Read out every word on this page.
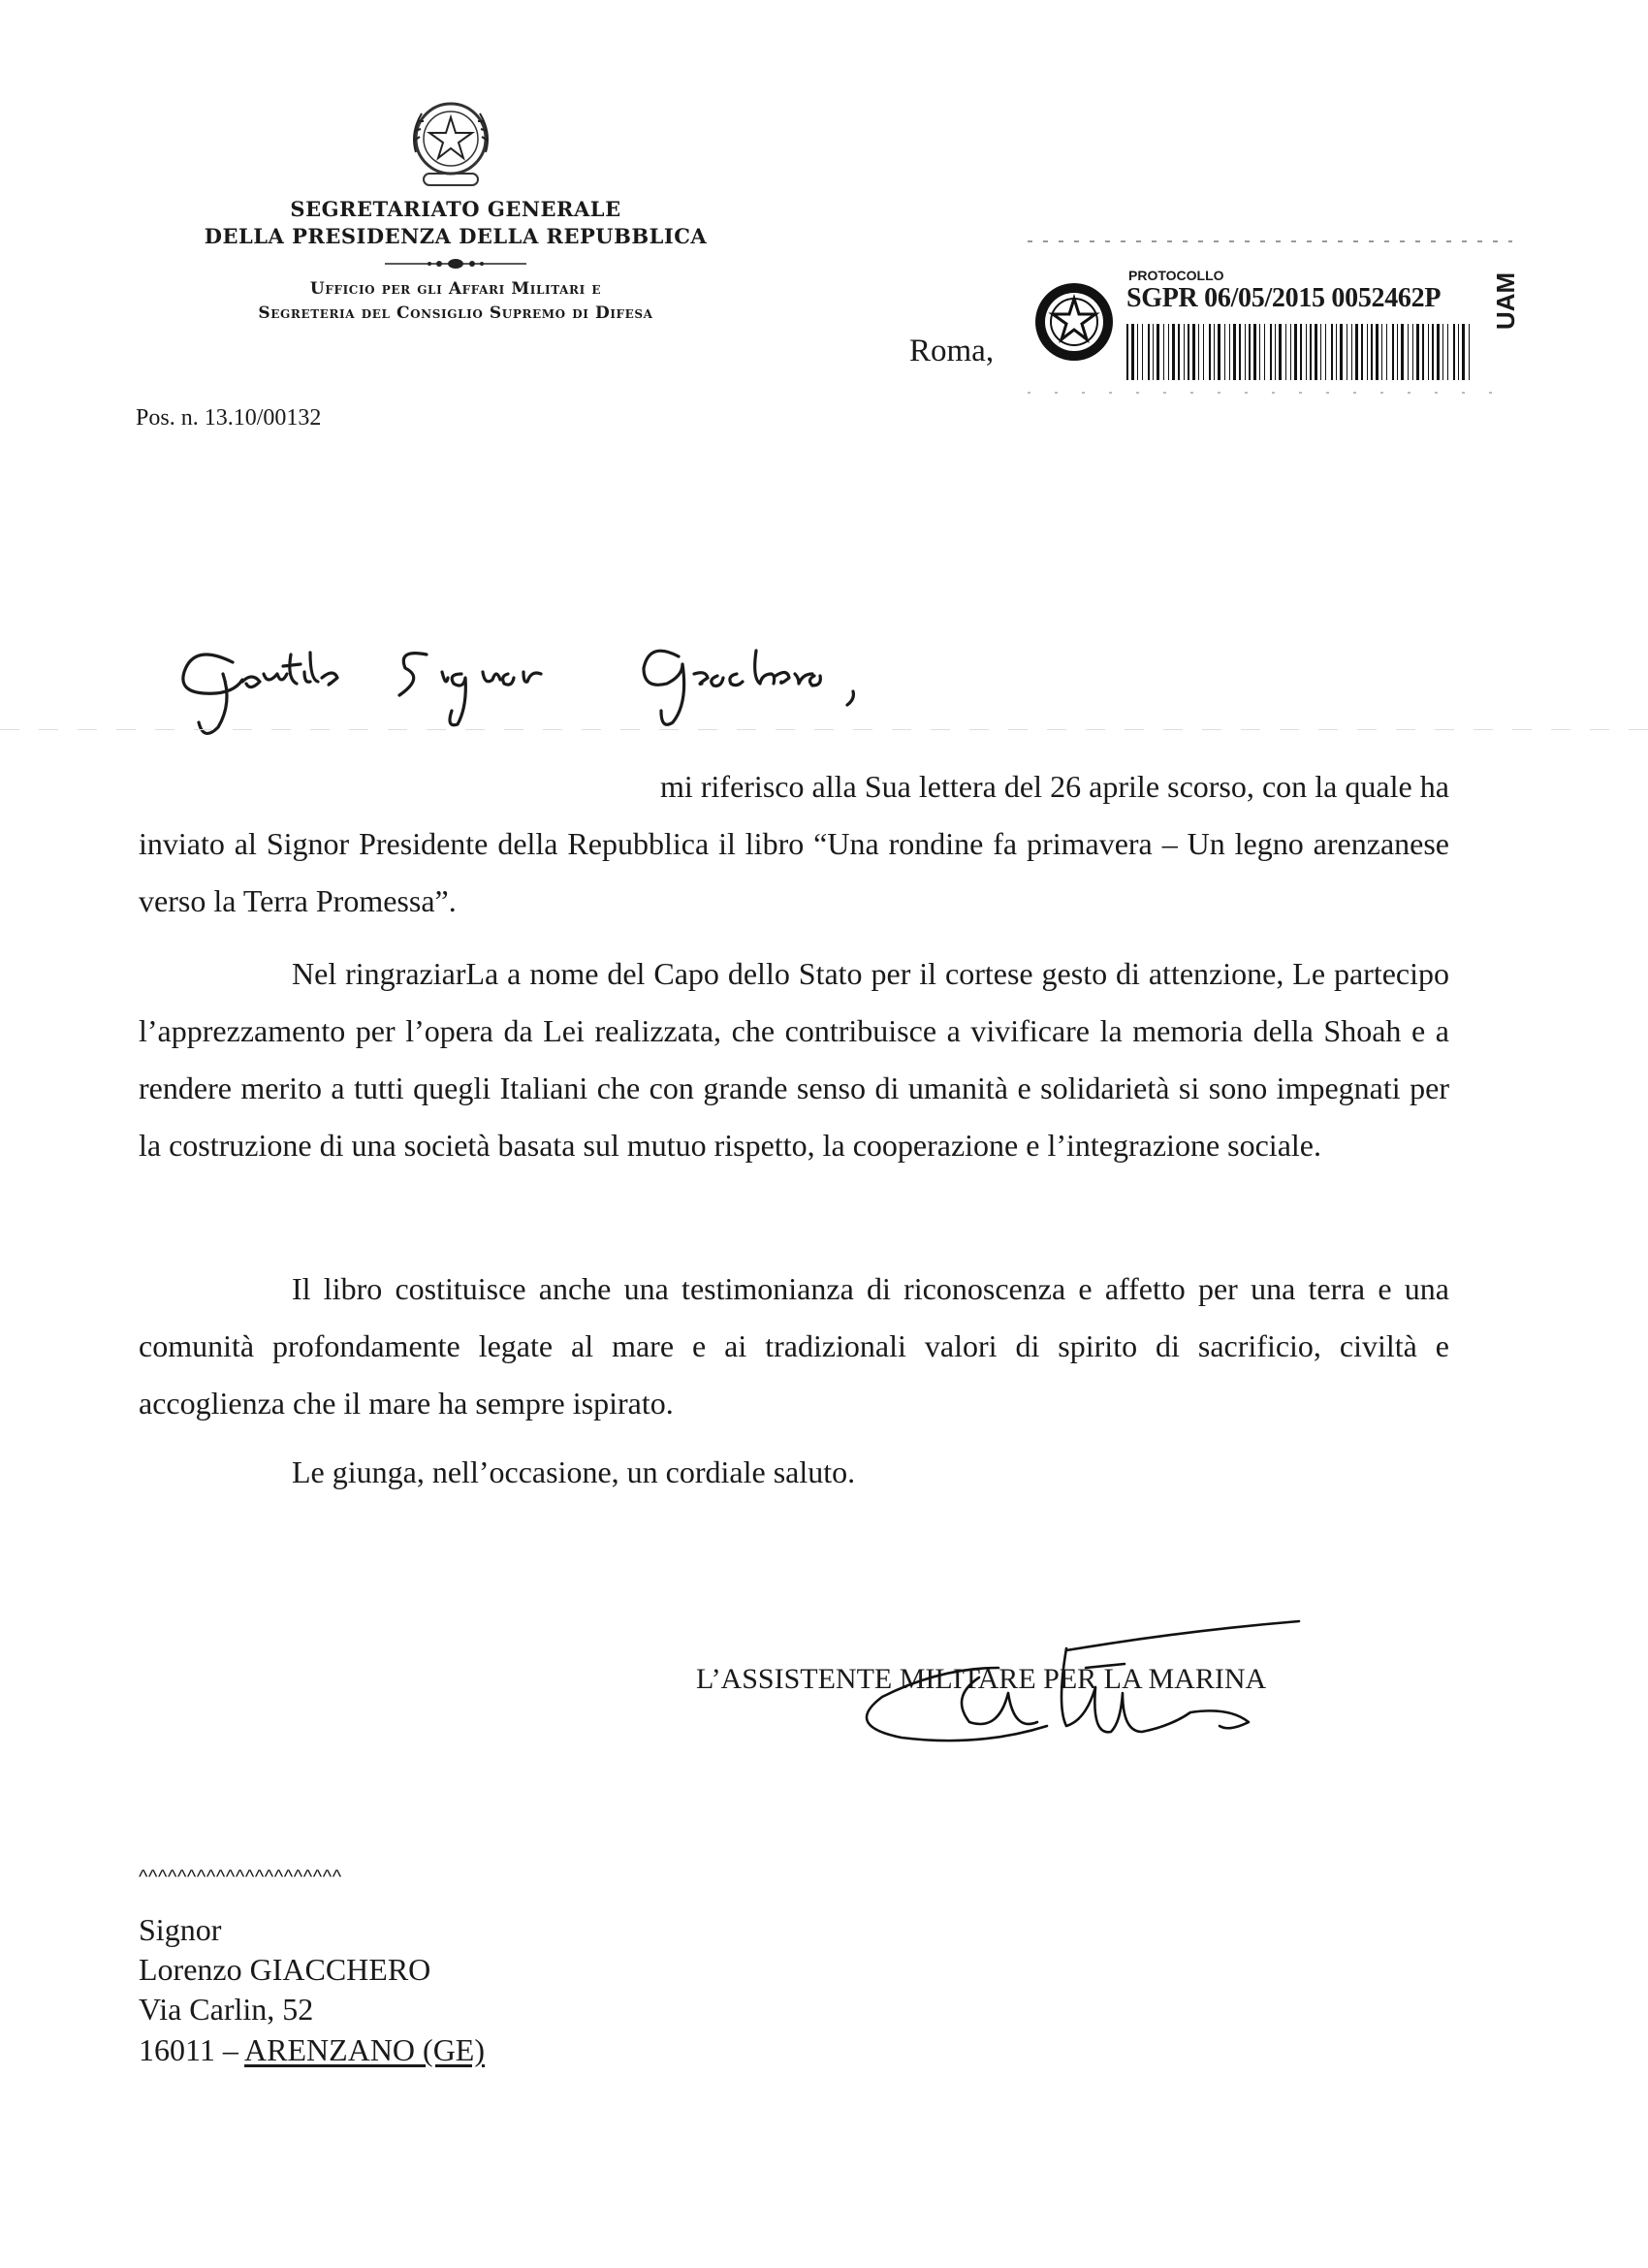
SEGRETARIATO GENERALE
DELLA PRESIDENZA DELLA REPUBBLICA
Ufficio per gli Affari Militari e
Segreteria del Consiglio Supremo di Difesa
Pos. n. 13.10/00132
Roma,
PROTOCOLLO
SGPR 06/05/2015 0052462P UAM
mi riferisco alla Sua lettera del 26 aprile scorso, con la quale ha inviato al Signor Presidente della Repubblica il libro “Una rondine fa primavera – Un legno arenzanese verso la Terra Promessa”.
Nel ringraziarLa a nome del Capo dello Stato per il cortese gesto di attenzione, Le partecipo l’apprezzamento per l’opera da Lei realizzata, che contribuisce a vivificare la memoria della Shoah e a rendere merito a tutti quegli Italiani che con grande senso di umanità e solidarietà si sono impegnati per la costruzione di una società basata sul mutuo rispetto, la cooperazione e l’integrazione sociale.
Il libro costituisce anche una testimonianza di riconoscenza e affetto per una terra e una comunità profondamente legate al mare e ai tradizionali valori di spirito di sacrificio, civiltà e accoglienza che il mare ha sempre ispirato.
Le giunga, nell’occasione, un cordiale saluto.
L’ASSISTENTE MILITARE PER LA MARINA
^^^^^^^^^^^^^^^^^^^^^
Signor
Lorenzo GIACCHERO
Via Carlin, 52
16011 – ARENZANO (GE)
